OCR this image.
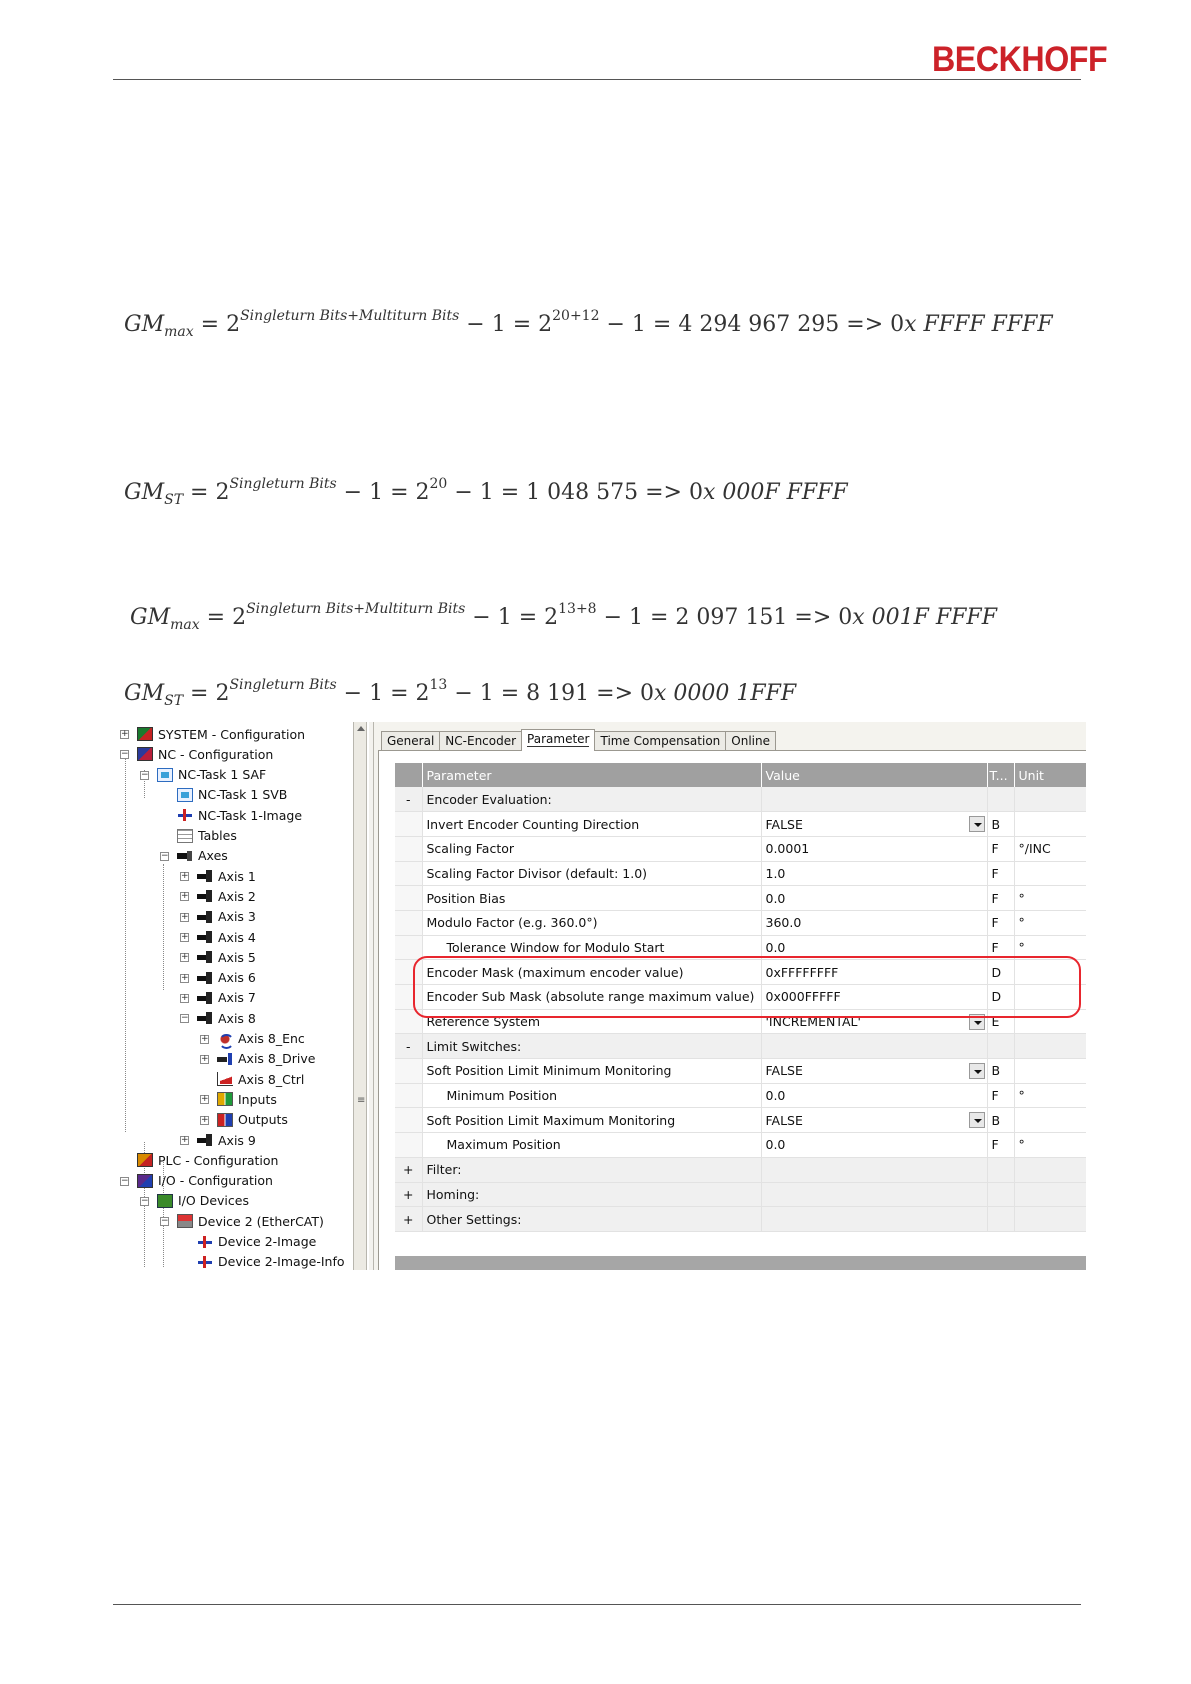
BECKHOFF
$GM_{max} = 2^{Singleturn Bits+Multiturn Bits} - 1 = 2^{20+12} - 1 = 4$ 294 967 295 => 0x FFFF FFFF
$GM_{ST} = 2^{Singleturn Bits} - 1 = 2^{20} - 1 = 1$ 048 575 => 0x 000F FFFF
$GM_{max} = 2^{Singleturn Bits+Multiturn Bits} - 1 = 2^{13+8} - 1 = 2$ 097 151 => 0x 001F FFFF
$GM_{ST} = 2^{Singleturn Bits} - 1 = 2^{13} - 1 = 8$ 191 => 0x 0000 1FFF
+ SYSTEM - Configuration
− NC - Configuration
− NC-Task 1 SAF
NC-Task 1 SVB
NC-Task 1-Image
Tables
− Axes
+ Axis 1
+ Axis 2
+ Axis 3
+ Axis 4
+ Axis 5
+ Axis 6
+ Axis 7
− Axis 8
+ Axis 8_Enc
+ Axis 8_Drive
Axis 8_Ctrl
+ Inputs
+ Outputs
+ Axis 9
PLC - Configuration
− I/O - Configuration
− I/O Devices
− Device 2 (EtherCAT)
Device 2-Image
Device 2-Image-Info
≡
General NC-Encoder Parameter Time Compensation Online
	Parameter	Value	T...	Unit
-	Encoder Evaluation:			
	Invert Encoder Counting Direction	FALSE	B	
	Scaling Factor	0.0001	F	°/INC
	Scaling Factor Divisor (default: 1.0)	1.0	F	
	Position Bias	0.0	F	°
	Modulo Factor (e.g. 360.0°)	360.0	F	°
	Tolerance Window for Modulo Start	0.0	F	°
	Encoder Mask (maximum encoder value)	0xFFFFFFFF	D	
	Encoder Sub Mask (absolute range maximum value)	0x000FFFFF	D	
	Reference System	'INCREMENTAL'	E	
-	Limit Switches:			
	Soft Position Limit Minimum Monitoring	FALSE	B	
	Minimum Position	0.0	F	°
	Soft Position Limit Maximum Monitoring	FALSE	B	
	Maximum Position	0.0	F	°
+	Filter:			
+	Homing:			
+	Other Settings:			
